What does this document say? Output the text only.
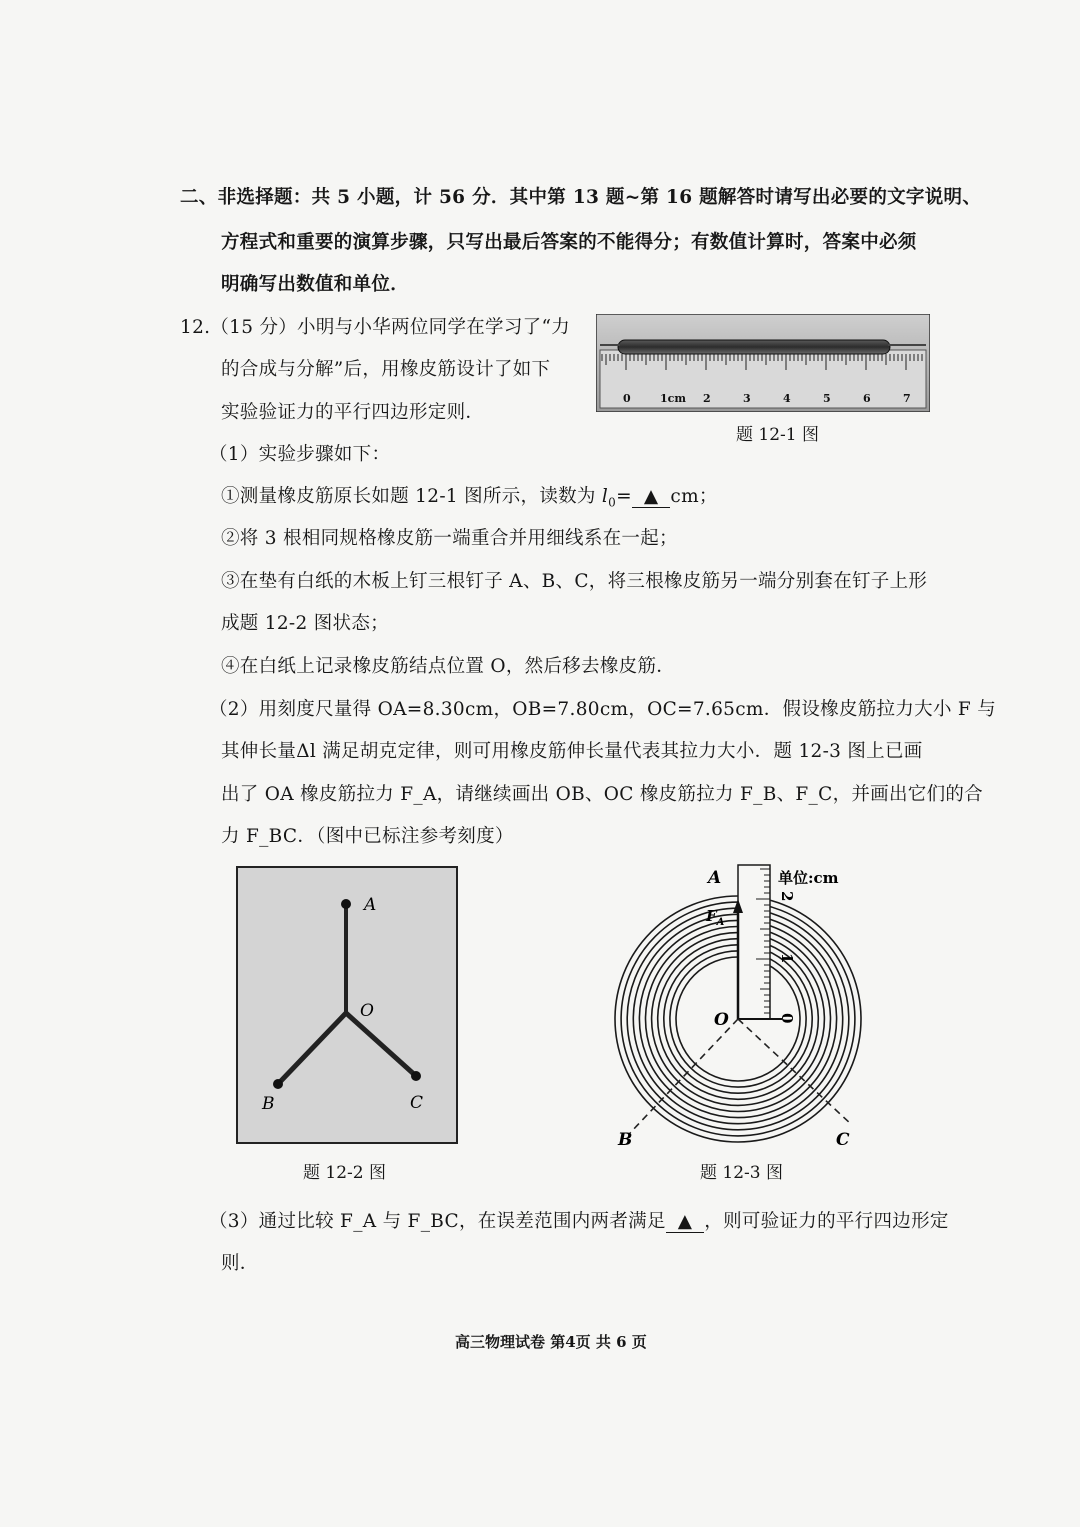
二、非选择题：共 5 小题，计 56 分．其中第 13 题~第 16 题解答时请写出必要的文字说明、
方程式和重要的演算步骤，只写出最后答案的不能得分；有数值计算时，答案中必须
明确写出数值和单位．
12.（15 分）小明与小华两位同学在学习了“力
的合成与分解”后，用橡皮筋设计了如下
实验验证力的平行四边形定则．
0	1cm 2	3	4	5	6	7
题 12-1 图
（1）实验步骤如下：
①测量橡皮筋原长如题 12-1 图所示，读数为 $l_0=$ ▲ cm；
②将 3 根相同规格橡皮筋一端重合并用细线系在一起；
③在垫有白纸的木板上钉三根钉子 A、B、C，将三根橡皮筋另一端分别套在钉子上形
成题 12-2 图状态；
④在白纸上记录橡皮筋结点位置 O，然后移去橡皮筋．
（2）用刻度尺量得 OA=8.30cm，OB=7.80cm，OC=7.65cm．假设橡皮筋拉力大小 F 与
其伸长量Δl 满足胡克定律，则可用橡皮筋伸长量代表其拉力大小．题 12-3 图上已画
出了 OA 橡皮筋拉力 F_A，请继续画出 OB、OC 橡皮筋拉力 F_B、F_C，并画出它们的合
力 F_BC．（图中已标注参考刻度）
A
O
B	C
题 12-2 图
A
$F_A$
O
B	C
单位:cm
0
1
2
题 12-3 图
（3）通过比较 F_A 与 F_BC，在误差范围内两者满足 ▲ ，则可验证力的平行四边形定
则．
高三物理试卷 第4页 共 6 页
